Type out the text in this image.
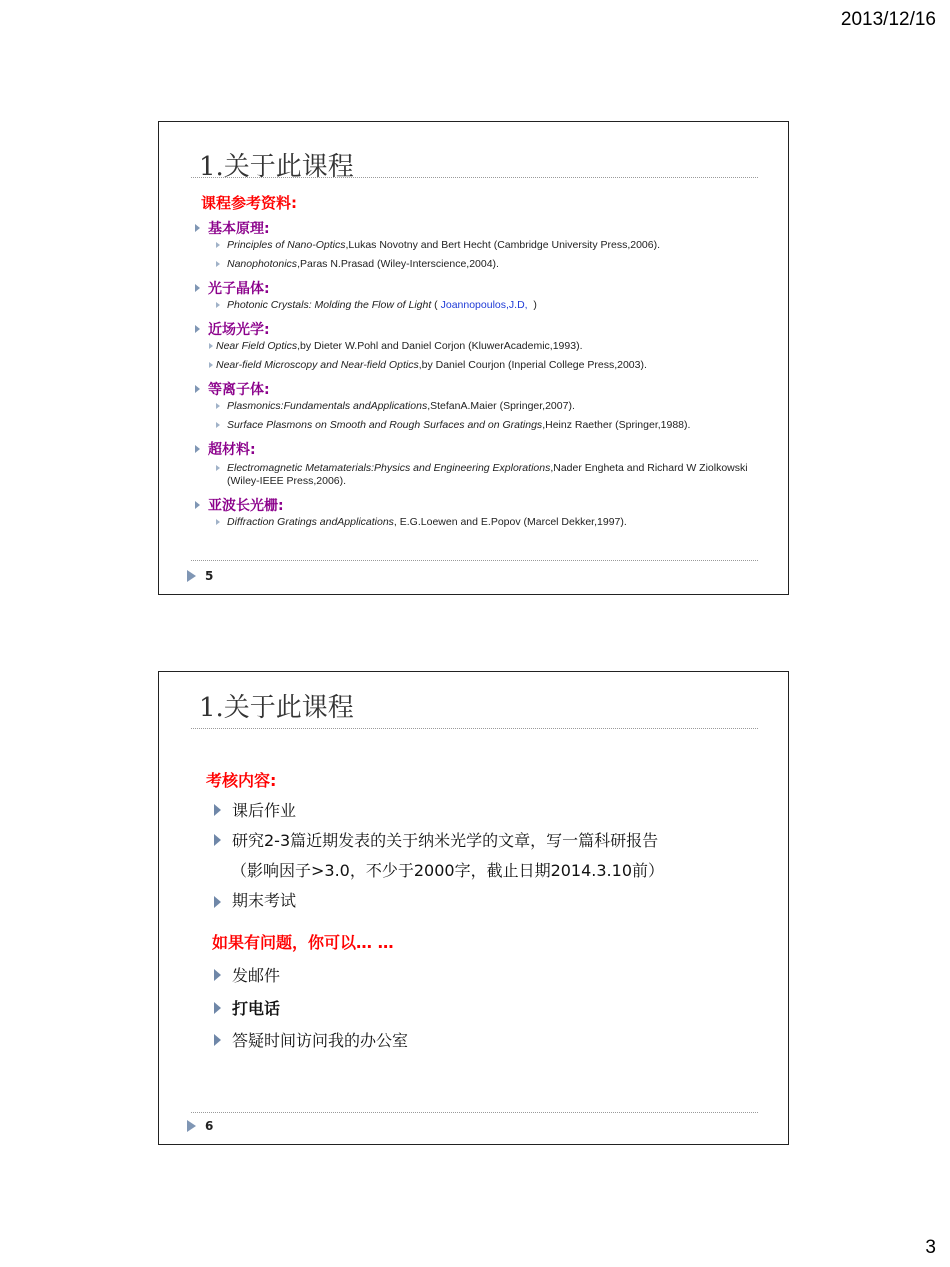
2013/12/16
1.关于此课程
课程参考资料:
基本原理:
Principles of Nano-Optics,Lukas Novotny and Bert Hecht (Cambridge University Press,2006).
Nanophotonics,Paras N.Prasad (Wiley-Interscience,2004).
光子晶体:
Photonic Crystals: Molding the Flow of Light ( Joannopoulos,J.D,  )
近场光学:
Near Field Optics,by Dieter W.Pohl and Daniel Corjon (KluwerAcademic,1993).
Near-field Microscopy and Near-field Optics,by Daniel Courjon (Inperial College Press,2003).
等离子体:
Plasmonics:Fundamentals andApplications,StefanA.Maier (Springer,2007).
Surface Plasmons on Smooth and Rough Surfaces and on Gratings,Heinz Raether (Springer,1988).
超材料:
Electromagnetic Metamaterials:Physics and Engineering Explorations,Nader Engheta and Richard W Ziolkowski (Wiley-IEEE Press,2006).
亚波长光栅:
Diffraction Gratings andApplications, E.G.Loewen and E.Popov (Marcel Dekker,1997).
5
1.关于此课程
考核内容:
课后作业
研究2-3篇近期发表的关于纳米光学的文章，写一篇科研报告
（影响因子>3.0，不少于2000字，截止日期2014.3.10前）
期末考试
如果有问题，你可以… …
发邮件
打电话
答疑时间访问我的办公室
6
3
